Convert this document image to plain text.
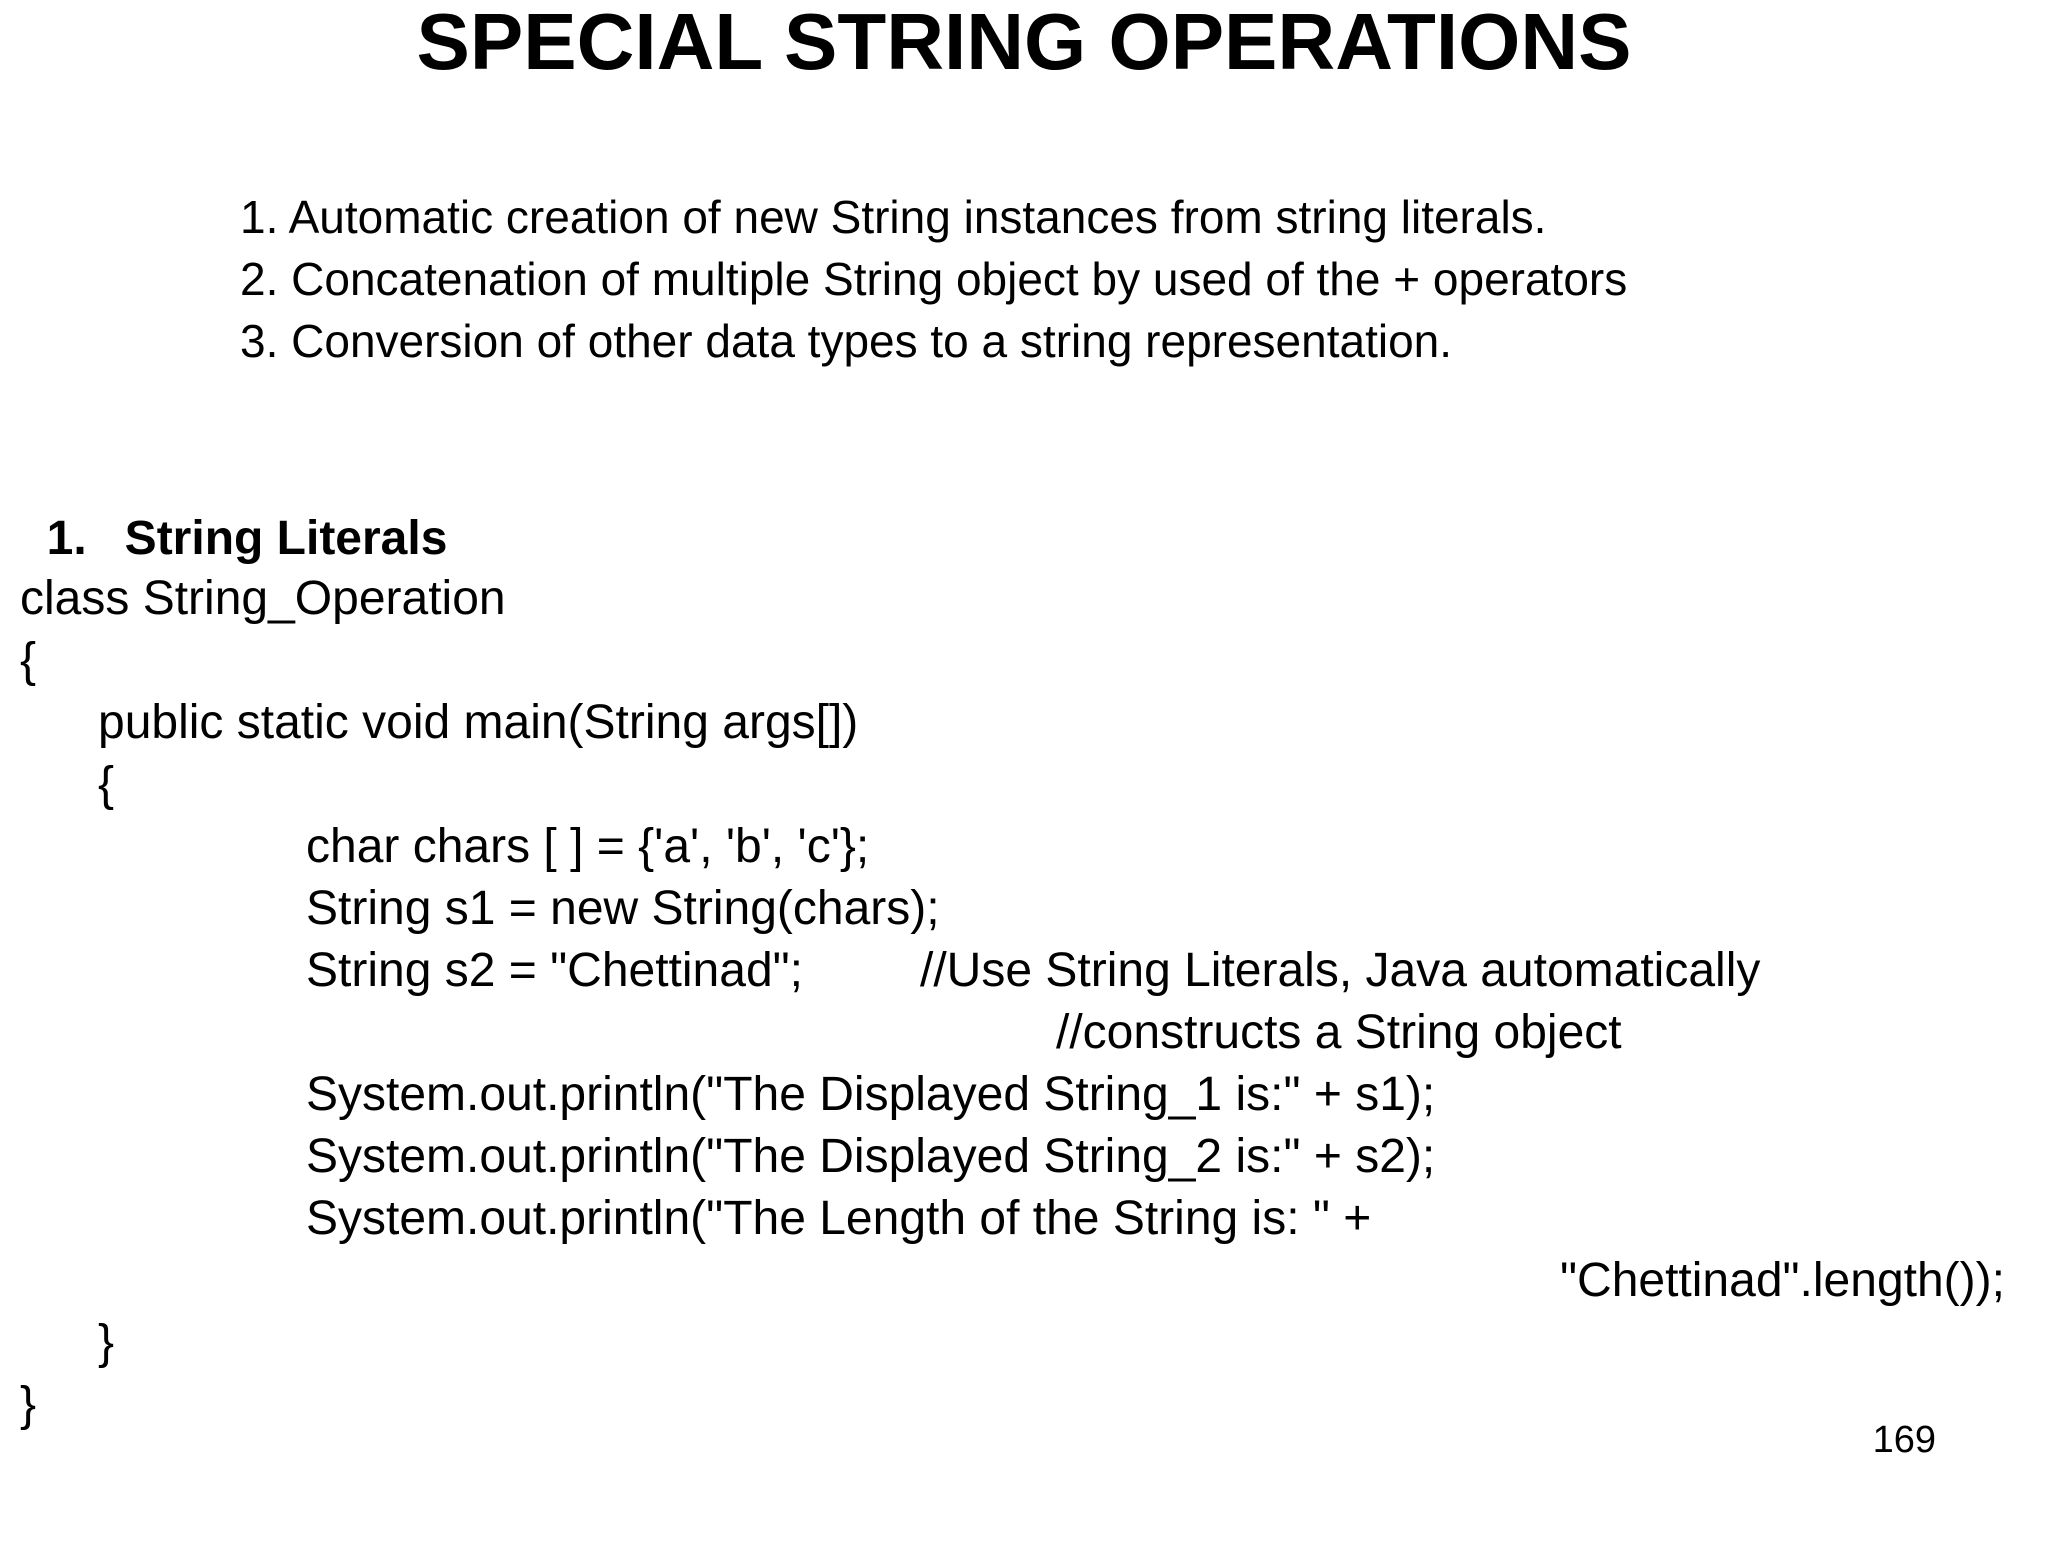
SPECIAL STRING OPERATIONS
1. Automatic creation of new String instances from string literals.
2. Concatenation of multiple String object by used of the + operators
3. Conversion of other data types to a string representation.

1. String Literals

class String_Operation

{

public static void main(String args[])

{

char chars [ ] = {'a', 'b', 'c'};

String s1 = new String(chars);

String s2 = "Chettinad";

//Use String Literals, Java automatically

//constructs a String object

System.out.println("The Displayed String_1 is:" + s1);

System.out.println("The Displayed String_2 is:" + s2);

System.out.println("The Length of the String is: " +

"Chettinad".length());

}

}

169
